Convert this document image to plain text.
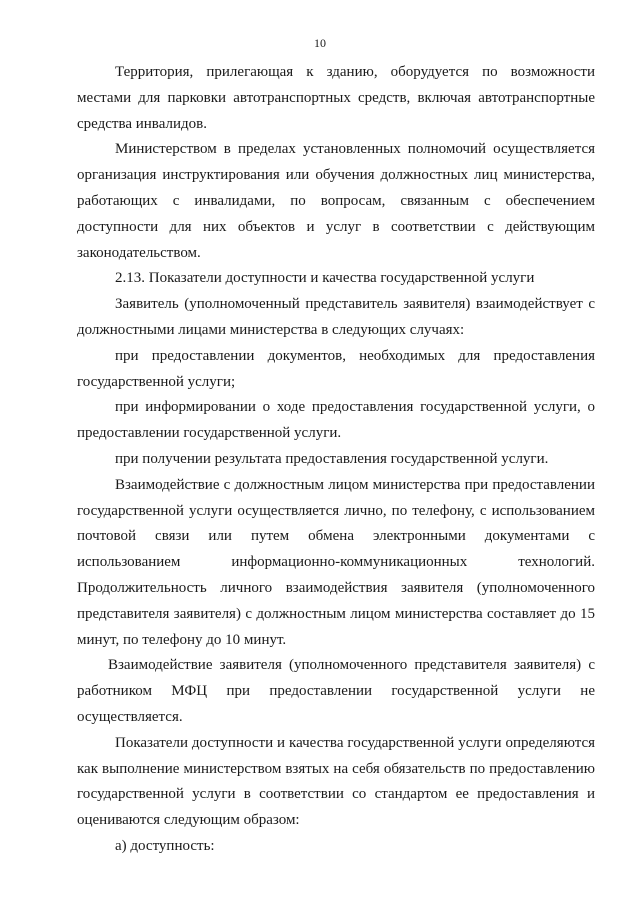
10

Территория, прилегающая к зданию, оборудуется по возможности местами для парковки автотранспортных средств, включая автотранспортные средства инвалидов.

Министерством в пределах установленных полномочий осуществляется организация инструктирования или обучения должностных лиц министерства, работающих с инвалидами, по вопросам, связанным с обеспечением доступности для них объектов и услуг в соответствии с действующим законодательством.

2.13. Показатели доступности и качества государственной услуги

Заявитель (уполномоченный представитель заявителя) взаимодействует с должностными лицами министерства в следующих случаях:

при предоставлении документов, необходимых для предоставления государственной услуги;

при информировании о ходе предоставления государственной услуги, о предоставлении государственной услуги.

при получении результата предоставления государственной услуги.

Взаимодействие с должностным лицом министерства при предоставлении государственной услуги осуществляется лично, по телефону, с использованием почтовой связи или путем обмена электронными документами с использованием информационно-коммуникационных технологий.

Продолжительность личного взаимодействия заявителя (уполномоченного представителя заявителя) с должностным лицом министерства составляет до 15 минут, по телефону до 10 минут.

Взаимодействие заявителя (уполномоченного представителя заявителя) с работником МФЦ при предоставлении государственной услуги не осуществляется.

Показатели доступности и качества государственной услуги определяются как выполнение министерством взятых на себя обязательств по предоставлению государственной услуги в соответствии со стандартом ее предоставления и оцениваются следующим образом:

а) доступность:
